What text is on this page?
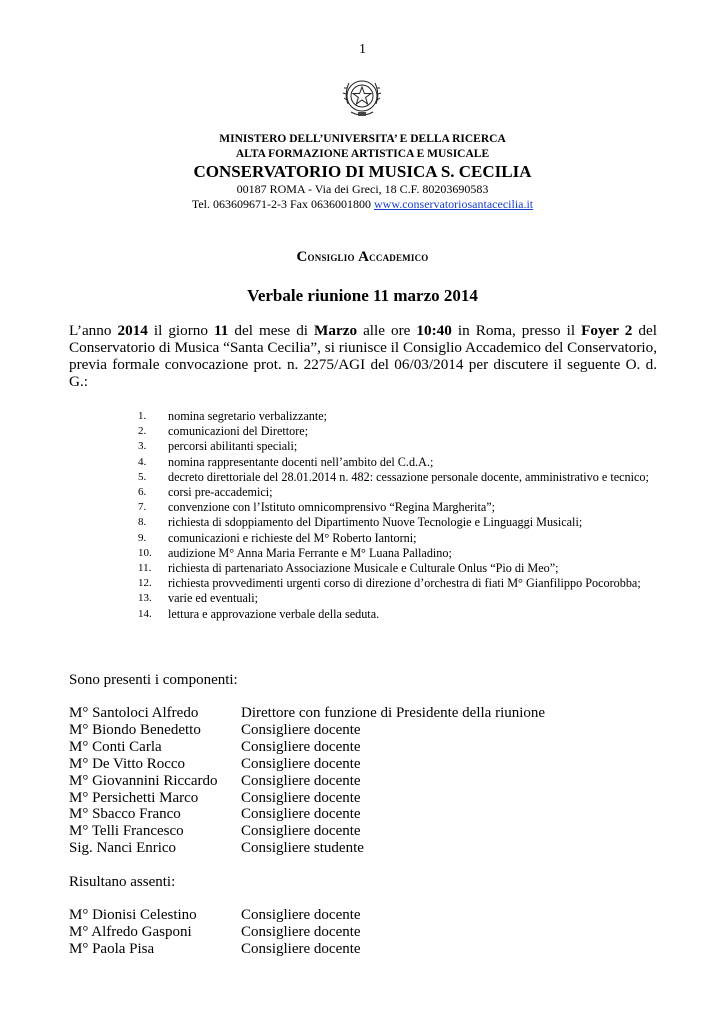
1
MINISTERO DELL’UNIVERSITA’ E DELLA RICERCA
ALTA FORMAZIONE ARTISTICA E MUSICALE
CONSERVATORIO DI MUSICA S. CECILIA
00187 ROMA - Via dei Greci, 18 C.F. 80203690583
Tel. 063609671-2-3 Fax 0636001800 www.conservatoriosantacecilia.it
Consiglio Accademico
Verbale riunione 11 marzo 2014
L’anno 2014 il giorno 11 del mese di Marzo alle ore 10:40 in Roma, presso il Foyer 2 del Conservatorio di Musica “Santa Cecilia”, si riunisce il Consiglio Accademico del Conservatorio, previa formale convocazione prot. n. 2275/AGI del 06/03/2014 per discutere il seguente O. d. G.:
1.	nomina segretario verbalizzante;
2.	comunicazioni del Direttore;
3.	percorsi abilitanti speciali;
4.	nomina rappresentante docenti nell’ambito del C.d.A.;
5.	decreto direttoriale del 28.01.2014 n. 482: cessazione personale docente, amministrativo e tecnico;
6.	corsi pre-accademici;
7.	convenzione con l’Istituto omnicomprensivo “Regina Margherita”;
8.	richiesta di sdoppiamento del Dipartimento Nuove Tecnologie e Linguaggi Musicali;
9.	comunicazioni e richieste del M° Roberto Iantorni;
10.	audizione M° Anna Maria Ferrante e M° Luana Palladino;
11.	richiesta di partenariato Associazione Musicale e Culturale Onlus “Pio di Meo”;
12.	richiesta provvedimenti urgenti corso di direzione d’orchestra di fiati M° Gianfilippo Pocorobba;
13.	varie ed eventuali;
14.	lettura e approvazione verbale della seduta.
Sono presenti i componenti:
M° Santoloci Alfredo	Direttore con funzione di Presidente della riunione
M° Biondo Benedetto	Consigliere docente
M° Conti Carla	Consigliere docente
M° De Vitto Rocco	Consigliere docente
M° Giovannini Riccardo	Consigliere docente
M° Persichetti Marco	Consigliere docente
M° Sbacco Franco	Consigliere docente
M° Telli Francesco	Consigliere docente
Sig. Nanci Enrico	Consigliere studente
Risultano assenti:
M° Dionisi Celestino	Consigliere docente
M° Alfredo Gasponi	Consigliere docente
M° Paola Pisa	Consigliere docente
